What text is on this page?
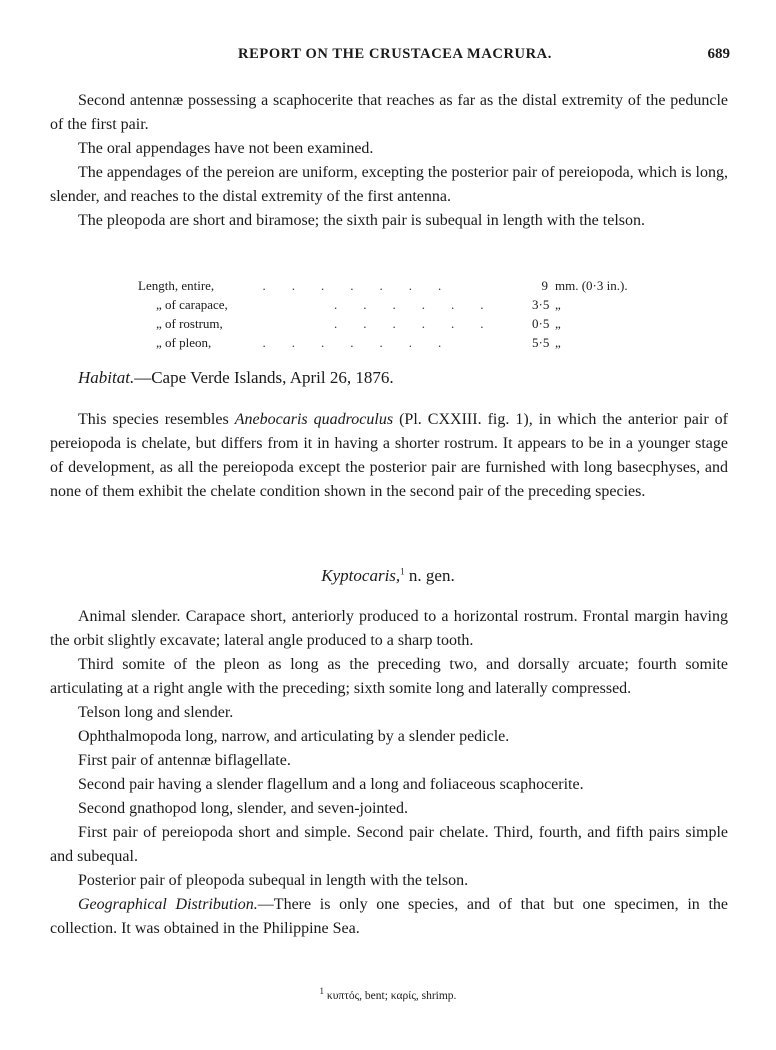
REPORT ON THE CRUSTACEA MACRURA.	689

Second antennæ possessing a scaphocerite that reaches as far as the distal extremity of the peduncle of the first pair.

The oral appendages have not been examined.

The appendages of the pereion are uniform, excepting the posterior pair of pereiopoda, which is long, slender, and reaches to the distal extremity of the first antenna.

The pleopoda are short and biramose; the sixth pair is subequal in length with the telson.

Length, entire,	.        .        .        .        .        .        .	9 mm. (0·3 in.).
„ of carapace, .        .        .        .        .        .	3·5 „
„ of rostrum,	.        .        .        .        .        .	0·5 „
„ of pleon,	.        .        .        .        .        .        .	5·5 „
Habitat.—Cape Verde Islands, April 26, 1876.

This species resembles Anebocaris quadroculus (Pl. CXXIII. fig. 1), in which the anterior pair of pereiopoda is chelate, but differs from it in having a shorter rostrum. It appears to be in a younger stage of development, as all the pereiopoda except the posterior pair are furnished with long basecphyses, and none of them exhibit the chelate condition shown in the second pair of the preceding species.

Kyptocaris,$^1$ n. gen.

Animal slender. Carapace short, anteriorly produced to a horizontal rostrum. Frontal margin having the orbit slightly excavate; lateral angle produced to a sharp tooth.

Third somite of the pleon as long as the preceding two, and dorsally arcuate; fourth somite articulating at a right angle with the preceding; sixth somite long and laterally compressed.

Telson long and slender.

Ophthalmopoda long, narrow, and articulating by a slender pedicle.

First pair of antennæ biflagellate.

Second pair having a slender flagellum and a long and foliaceous scaphocerite.

Second gnathopod long, slender, and seven-jointed.

First pair of pereiopoda short and simple. Second pair chelate. Third, fourth, and fifth pairs simple and subequal.

Posterior pair of pleopoda subequal in length with the telson.

Geographical Distribution.—There is only one species, and of that but one specimen, in the collection. It was obtained in the Philippine Sea.

$^1$ κυπτός, bent; καρίς, shrimp.
